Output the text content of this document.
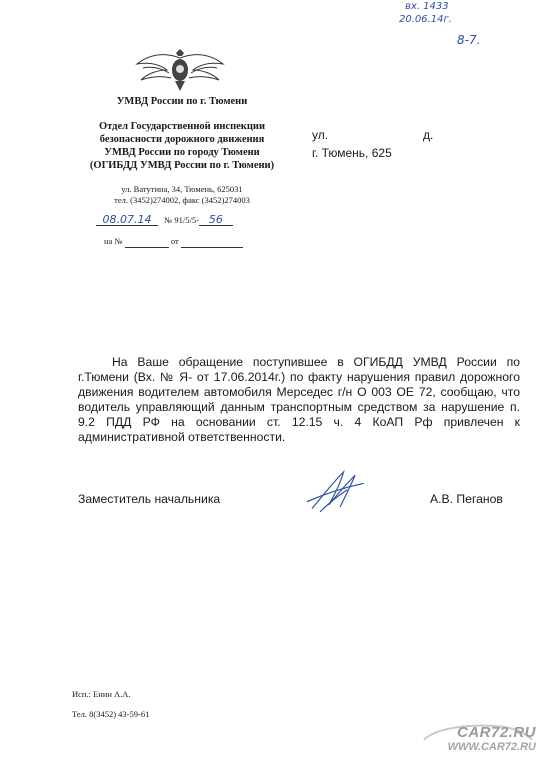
вх. 1433
20.06.14г.
8-7.
УМВД России по г. Тюмени
Отдел Государственной инспекции
безопасности дорожного движения
УМВД России по городу Тюмени
(ОГИБДД УМВД России по г. Тюмени)
ул. Ватутина, 34, Тюмень, 625031
тел. (3452)274002, факс (3452)274003
08.07.14 № 91/5/5- 56
на №	от
ул.	д.
г. Тюмень, 625

На Ваше обращение поступившее в ОГИБДД УМВД России по г.Тюмени (Вх. № Я- от 17.06.2014г.) по факту нарушения правил дорожного движения водителем автомобиля Мерседес г/н О 003 ОЕ 72, сообщаю, что водитель управляющий данным транспортным средством за нарушение п. 9.2 ПДД РФ на основании ст. 12.15 ч. 4 КоАП Рф привлечен к административной ответственности.

Заместитель начальника	А.В. Пеганов
Исп.: Енин А.А.
Тел. 8(3452) 43-59-61
CAR72.RU
WWW.CAR72.RU
